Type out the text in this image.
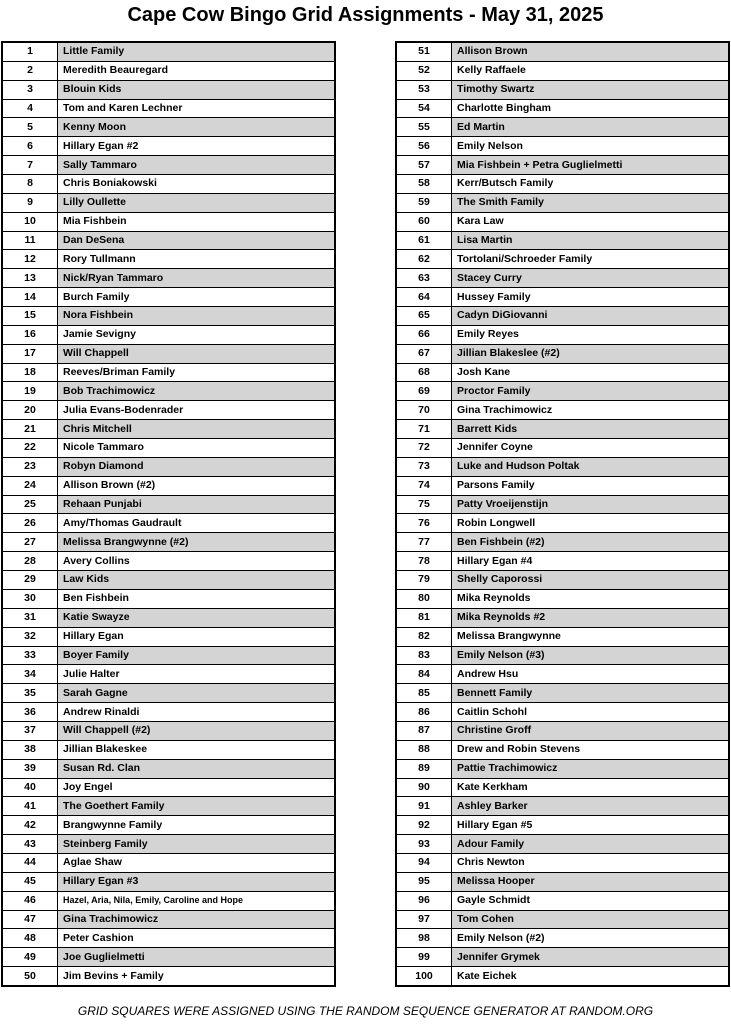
Cape Cow Bingo Grid Assignments - May 31, 2025
1	Little Family
2	Meredith Beauregard
3	Blouin Kids
4	Tom and Karen Lechner
5	Kenny Moon
6	Hillary Egan #2
7	Sally Tammaro
8	Chris Boniakowski
9	Lilly Oullette
10	Mia Fishbein
11	Dan DeSena
12	Rory Tullmann
13	Nick/Ryan Tammaro
14	Burch Family
15	Nora Fishbein
16	Jamie Sevigny
17	Will Chappell
18	Reeves/Briman Family
19	Bob Trachimowicz
20	Julia Evans-Bodenrader
21	Chris Mitchell
22	Nicole Tammaro
23	Robyn Diamond
24	Allison Brown (#2)
25	Rehaan Punjabi
26	Amy/Thomas Gaudrault
27	Melissa Brangwynne (#2)
28	Avery Collins
29	Law Kids
30	Ben Fishbein
31	Katie Swayze
32	Hillary Egan
33	Boyer Family
34	Julie Halter
35	Sarah Gagne
36	Andrew Rinaldi
37	Will Chappell (#2)
38	Jillian Blakeskee
39	Susan Rd. Clan
40	Joy Engel
41	The Goethert Family
42	Brangwynne Family
43	Steinberg Family
44	Aglae Shaw
45	Hillary Egan #3
46	Hazel, Aria, Nila, Emily, Caroline and Hope
47	Gina Trachimowicz
48	Peter Cashion
49	Joe Guglielmetti
50	Jim Bevins + Family
51	Allison Brown
52	Kelly Raffaele
53	Timothy Swartz
54	Charlotte Bingham
55	Ed Martin
56	Emily Nelson
57	Mia Fishbein + Petra Guglielmetti
58	Kerr/Butsch Family
59	The Smith Family
60	Kara Law
61	Lisa Martin
62	Tortolani/Schroeder Family
63	Stacey Curry
64	Hussey Family
65	Cadyn DiGiovanni
66	Emily Reyes
67	Jillian Blakeslee (#2)
68	Josh Kane
69	Proctor Family
70	Gina Trachimowicz
71	Barrett Kids
72	Jennifer Coyne
73	Luke and Hudson Poltak
74	Parsons Family
75	Patty Vroeijenstijn
76	Robin Longwell
77	Ben Fishbein (#2)
78	Hillary Egan #4
79	Shelly Caporossi
80	Mika Reynolds
81	Mika Reynolds #2
82	Melissa Brangwynne
83	Emily Nelson (#3)
84	Andrew Hsu
85	Bennett Family
86	Caitlin Schohl
87	Christine Groff
88	Drew and Robin Stevens
89	Pattie Trachimowicz
90	Kate Kerkham
91	Ashley Barker
92	Hillary Egan #5
93	Adour Family
94	Chris Newton
95	Melissa Hooper
96	Gayle Schmidt
97	Tom Cohen
98	Emily Nelson (#2)
99	Jennifer Grymek
100	Kate Eichek
GRID SQUARES WERE ASSIGNED USING THE RANDOM SEQUENCE GENERATOR AT RANDOM.ORG
